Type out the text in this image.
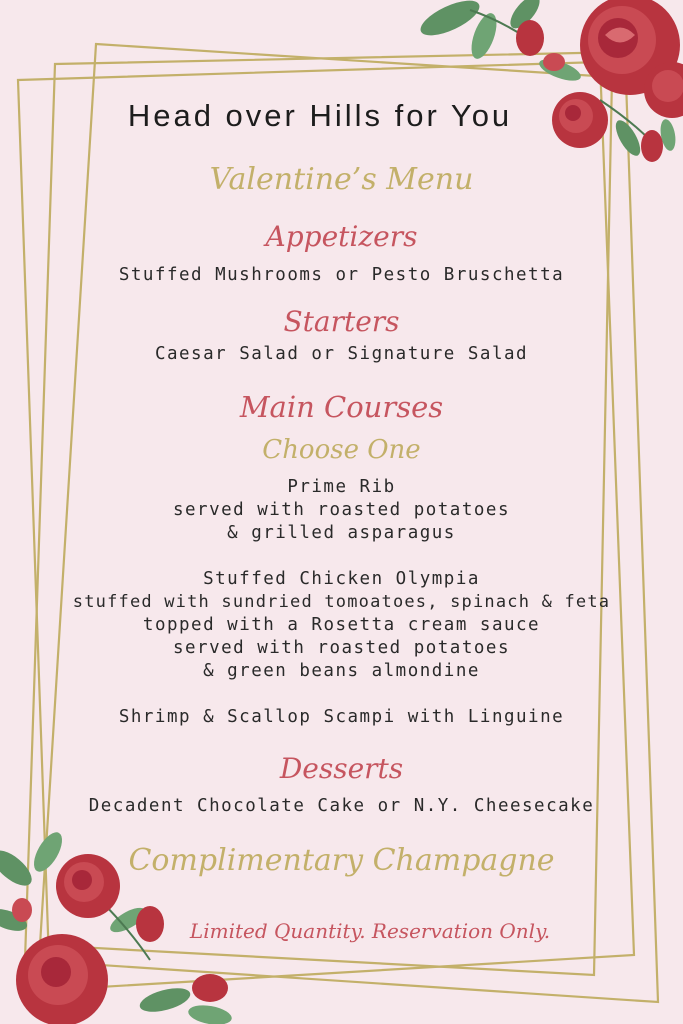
Head over Hills for You
Valentine’s Menu
Appetizers
Stuffed Mushrooms or Pesto Bruschetta
Starters
Caesar Salad or Signature Salad
Main Courses
Choose One
Prime Rib
served with roasted potatoes
& grilled asparagus
Stuffed Chicken Olympia
stuffed with sundried tomoatoes, spinach & feta
topped with a Rosetta cream sauce
served with roasted potatoes
& green beans almondine
Shrimp & Scallop Scampi with Linguine
Desserts
Decadent Chocolate Cake or N.Y. Cheesecake
Complimentary Champagne
Limited Quantity. Reservation Only.
